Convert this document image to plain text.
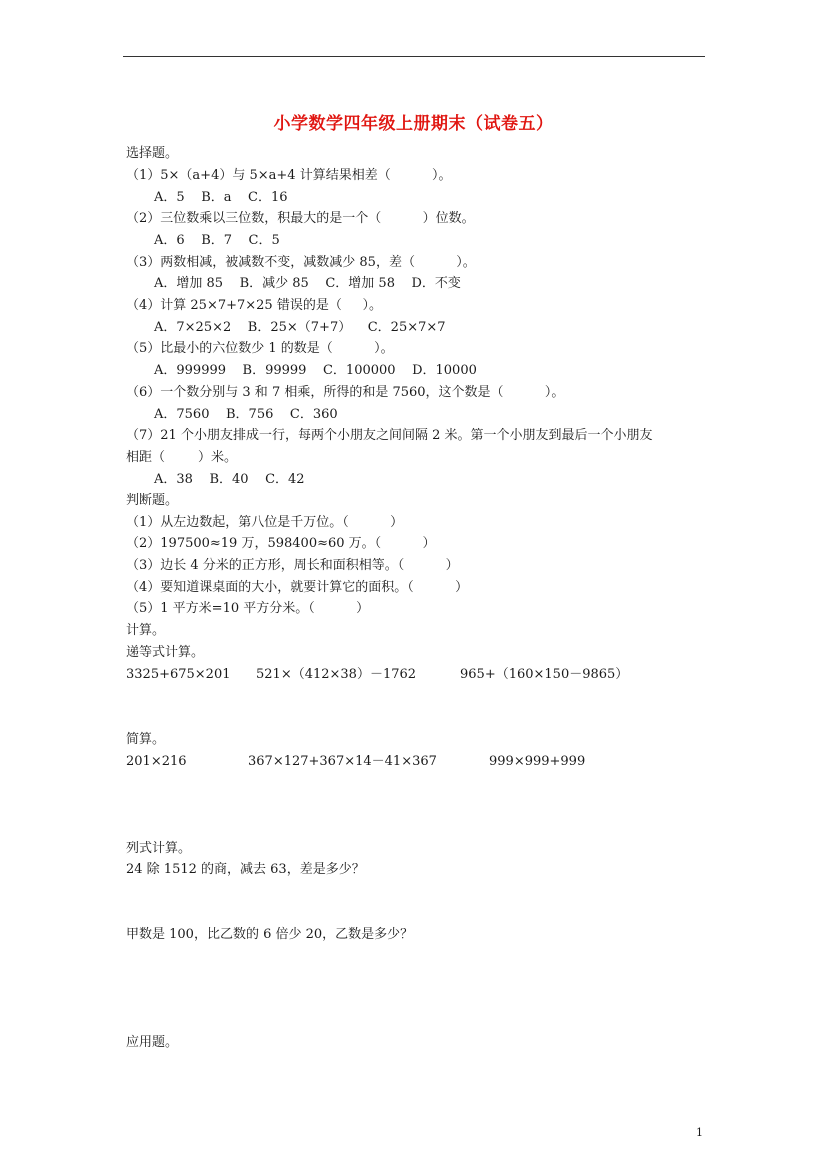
小学数学四年级上册期末（试卷五）
选择题。
（1）5×（a+4）与 5×a+4 计算结果相差（          ）。
A．5    B．a    C．16
（2）三位数乘以三位数，积最大的是一个（          ）位数。
A．6    B．7    C．5
（3）两数相减，被减数不变，减数减少 85，差（          ）。
A．增加 85    B．减少 85    C．增加 58    D．不变
（4）计算 25×7+7×25 错误的是（     ）。
A．7×25×2    B．25×（7+7）    C．25×7×7
（5）比最小的六位数少 1 的数是（          ）。
A．999999    B．99999    C．100000    D．10000
（6）一个数分别与 3 和 7 相乘，所得的和是 7560，这个数是（          ）。
A．7560    B．756    C．360
（7）21 个小朋友排成一行，每两个小朋友之间间隔 2 米。第一个小朋友到最后一个小朋友
相距（        ）米。
A．38    B．40    C．42
判断题。
（1）从左边数起，第八位是千万位。（          ）
（2）197500≈19 万，598400≈60 万。（          ）
（3）边长 4 分米的正方形，周长和面积相等。（          ）
（4）要知道课桌面的大小，就要计算它的面积。（          ）
（5）1 平方米=10 平方分米。（          ）
计算。
递等式计算。
3325+675×201 521×（412×38）－1762	965+（160×150－9865）
简算。
201×216	367×127+367×14－41×367	999×999+999
列式计算。
24 除 1512 的商，减去 63，差是多少？
甲数是 100，比乙数的 6 倍少 20，乙数是多少？
应用题。
1
